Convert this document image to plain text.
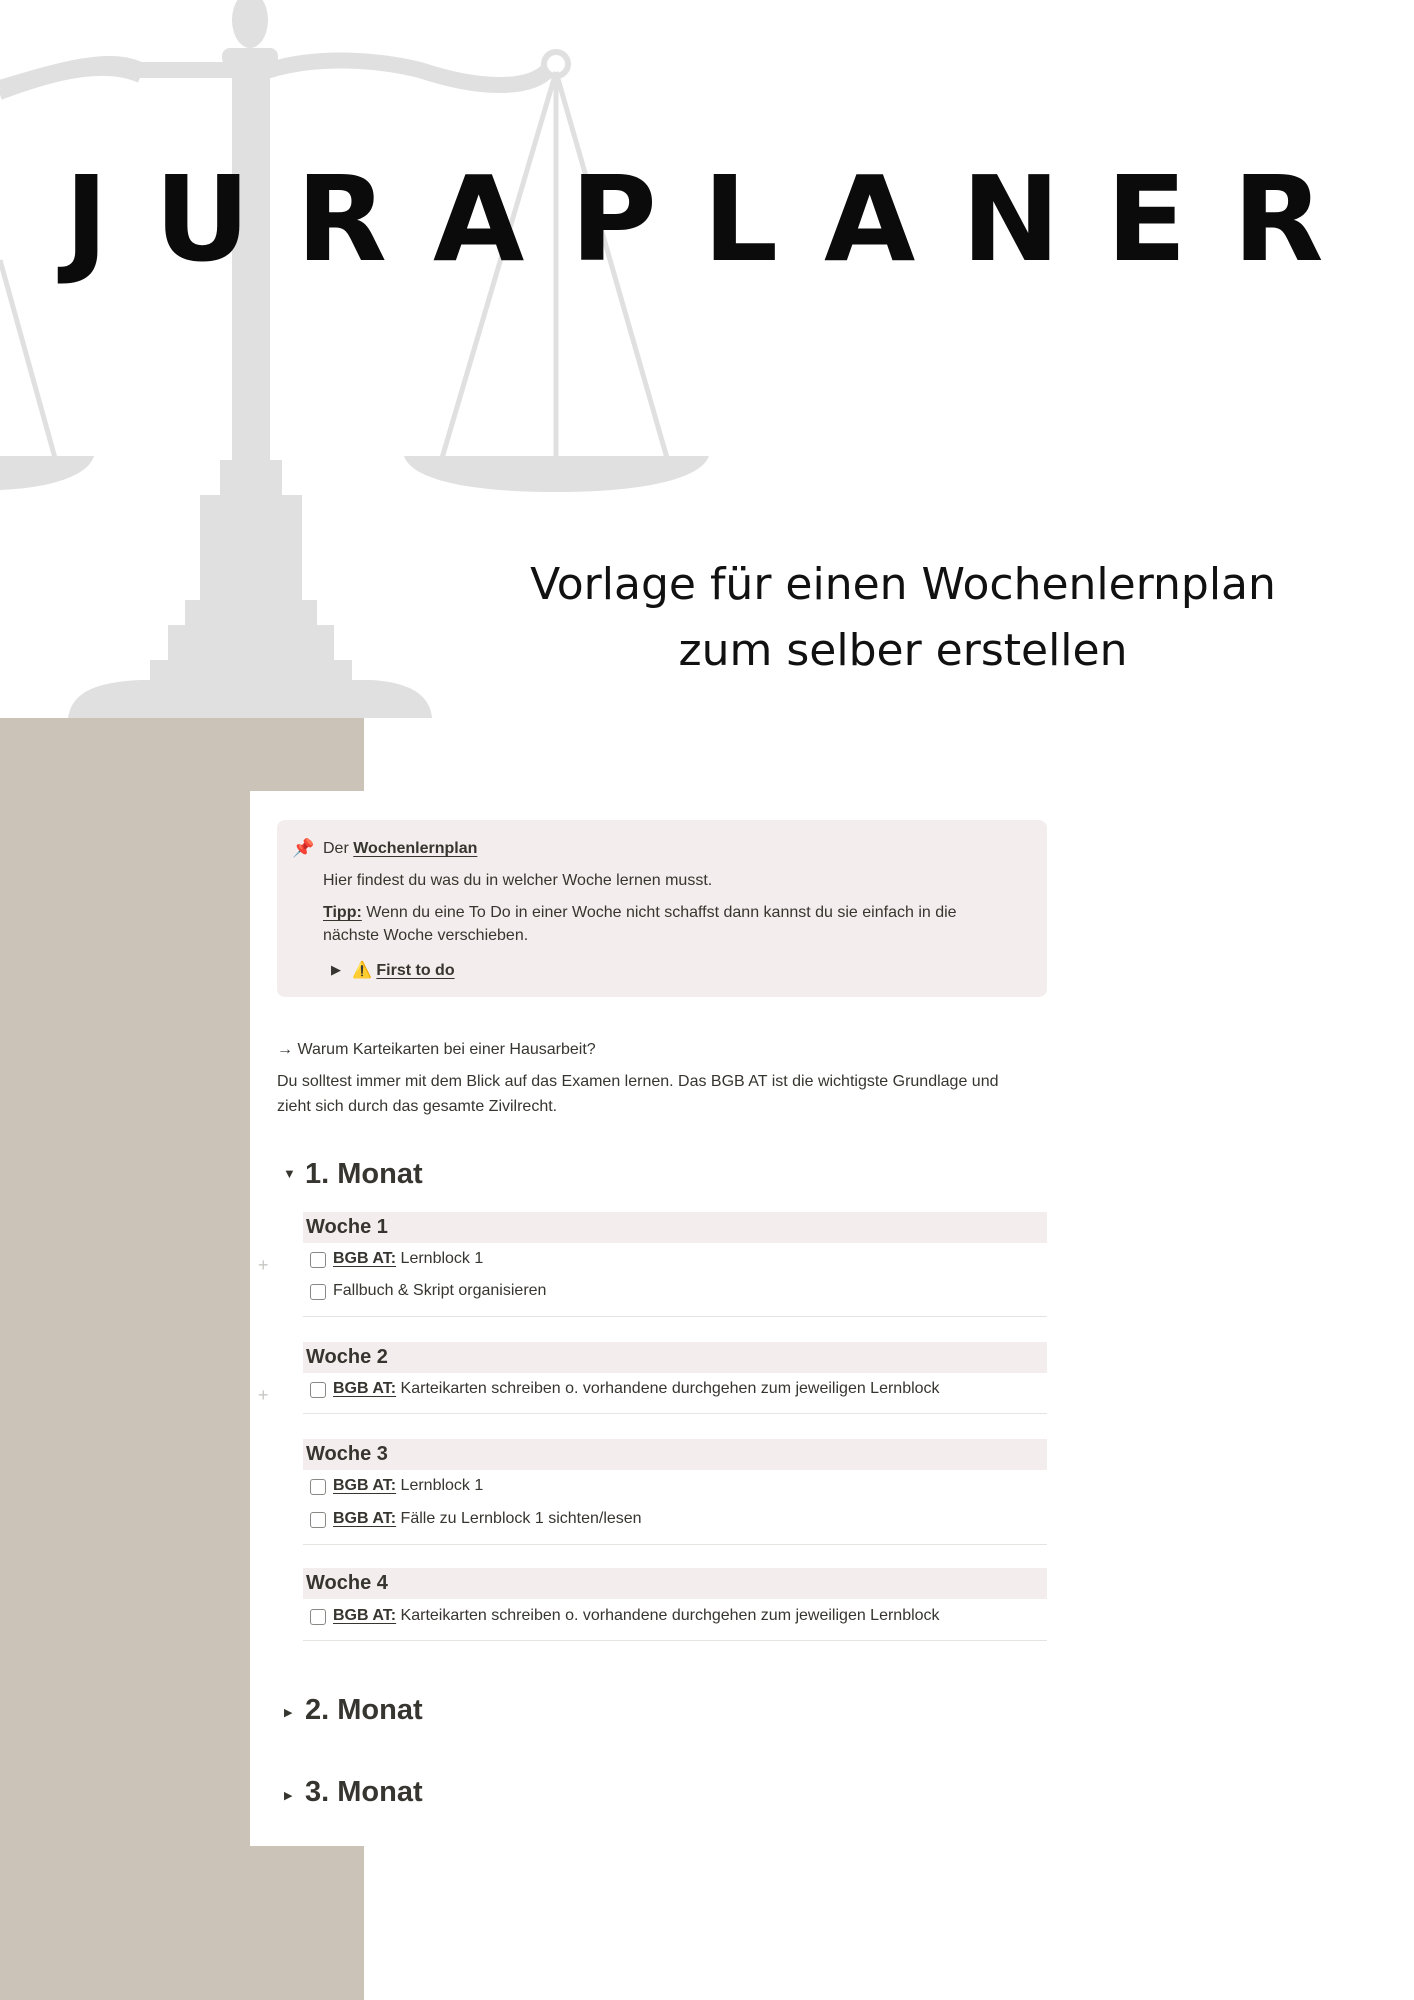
JURAPLANER
Vorlage für einen Wochenlernplan
zum selber erstellen
📌 Der Wochenlernplan
Hier findest du was du in welcher Woche lernen musst.
Tipp: Wenn du eine To Do in einer Woche nicht schaffst dann kannst du sie einfach in die
nächste Woche verschieben.
▶ ⚠️ First to do
→ Warum Karteikarten bei einer Hausarbeit?
Du solltest immer mit dem Blick auf das Examen lernen. Das BGB AT ist die wichtigste Grundlage und
zieht sich durch das gesamte Zivilrecht.
▼ 1. Monat
Woche 1
+	BGB AT: Lernblock 1
Fallbuch & Skript organisieren
Woche 2
+	BGB AT: Karteikarten schreiben o. vorhandene durchgehen zum jeweiligen Lernblock
Woche 3
BGB AT: Lernblock 1
BGB AT: Fälle zu Lernblock 1 sichten/lesen
Woche 4
BGB AT: Karteikarten schreiben o. vorhandene durchgehen zum jeweiligen Lernblock
▶ 2. Monat
▶ 3. Monat
